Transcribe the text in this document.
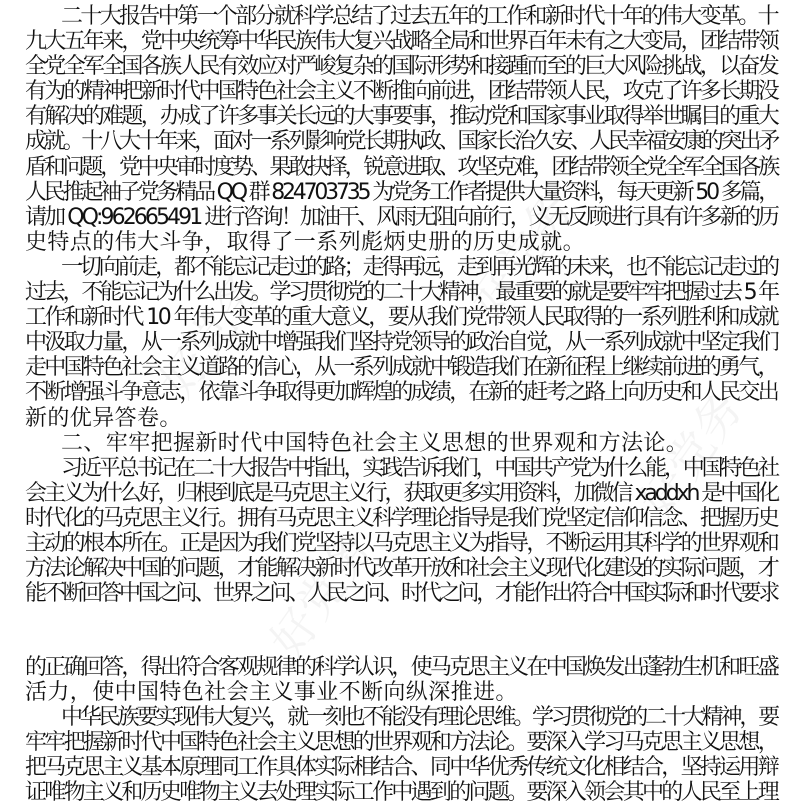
好党务
好党务
好党务
好党务
二十大报告中第一个部分就科学总结了过去五年的工作和新时代十年的伟大变革。十
九大五年来，党中央统筹中华民族伟大复兴战略全局和世界百年未有之大变局，团结带领
全党全军全国各族人民有效应对严峻复杂的国际形势和接踵而至的巨大风险挑战，以奋发
有为的精神把新时代中国特色社会主义不断推向前进，团结带领人民，攻克了许多长期没
有解决的难题，办成了许多事关长远的大事要事，推动党和国家事业取得举世瞩目的重大
成就。十八大十年来，面对一系列影响党长期执政、国家长治久安、人民幸福安康的突出矛
盾和问题，党中央审时度势、果敢抉择，锐意进取、攻坚克难，团结带领全党全军全国各族
人民推起袖子党务精品 QQ 群 824703735 为党务工作者提供大量资料，每天更新 50 多篇，
请加 QQ:962665491 进行咨询！加油干、风雨无阻向前行，义无反顾进行具有许多新的历
史特点的伟大斗争，取得了一系列彪炳史册的历史成就。
一切向前走，都不能忘记走过的路；走得再远，走到再光辉的未来，也不能忘记走过的
过去，不能忘记为什么出发。学习贯彻党的二十大精神，最重要的就是要牢牢把握过去 5 年
工作和新时代 10 年伟大变革的重大意义，要从我们党带领人民取得的一系列胜利和成就
中汲取力量，从一系列成就中增强我们坚持党领导的政治自觉，从一系列成就中坚定我们
走中国特色社会主义道路的信心，从一系列成就中锻造我们在新征程上继续前进的勇气，
不断增强斗争意志，依靠斗争取得更加辉煌的成绩，在新的赶考之路上向历史和人民交出
新的优异答卷。
二、牢牢把握新时代中国特色社会主义思想的世界观和方法论。
习近平总书记在二十大报告中指出，实践告诉我们，中国共产党为什么能，中国特色社
会主义为什么好，归根到底是马克思主义行，获取更多实用资料，加微信 xaddxh 是中国化
时代化的马克思主义行。拥有马克思主义科学理论指导是我们党坚定信仰信念、把握历史
主动的根本所在。正是因为我们党坚持以马克思主义为指导，不断运用其科学的世界观和
方法论解决中国的问题，才能解决新时代改革开放和社会主义现代化建设的实际问题，才
能不断回答中国之问、世界之问、人民之问、时代之问，才能作出符合中国实际和时代要求
的正确回答，得出符合客观规律的科学认识，使马克思主义在中国焕发出蓬勃生机和旺盛
活力，使中国特色社会主义事业不断向纵深推进。
中华民族要实现伟大复兴，就一刻也不能没有理论思维。学习贯彻党的二十大精神，要
牢牢把握新时代中国特色社会主义思想的世界观和方法论。要深入学习马克思主义思想，
把马克思主义基本原理同工作具体实际相结合、同中华优秀传统文化相结合，坚持运用辩
证唯物主义和历史唯物主义去处理实际工作中遇到的问题。要深入领会其中的人民至上理
